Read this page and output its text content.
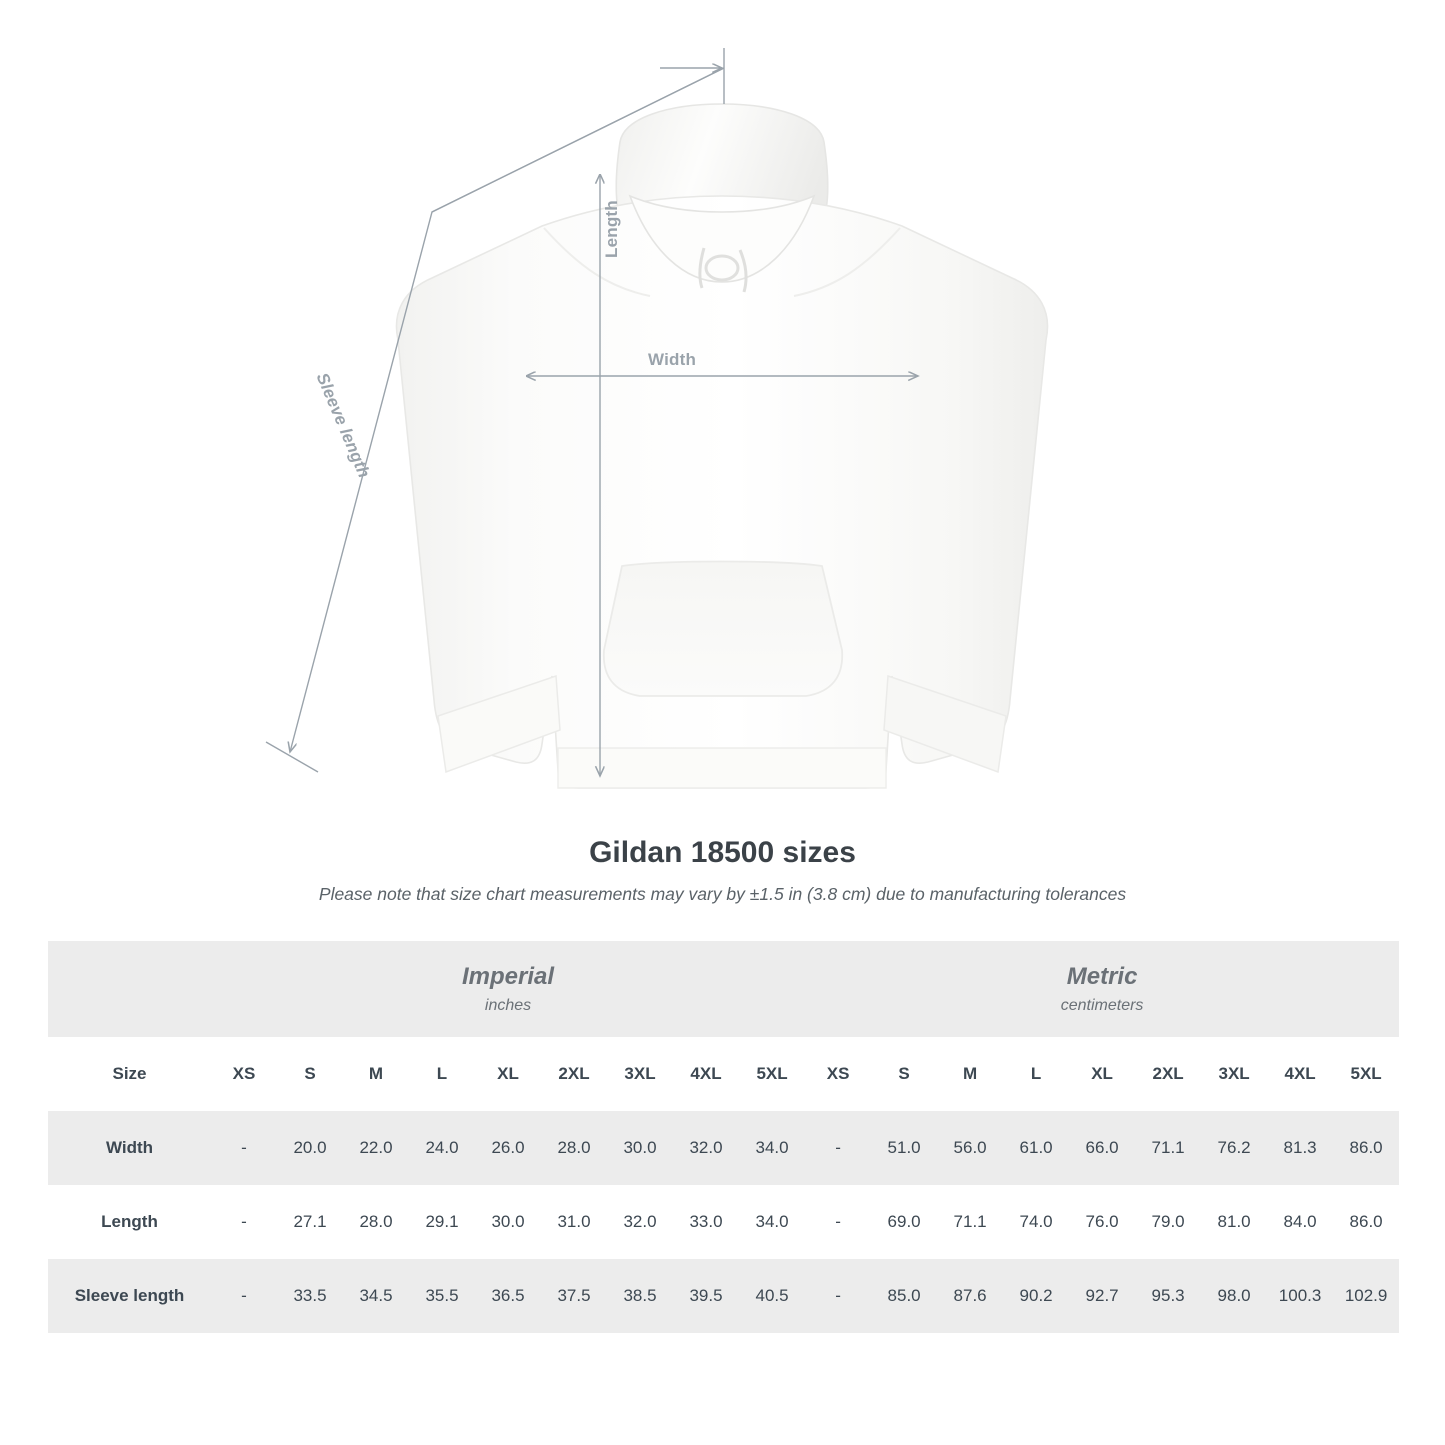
Length
Width
Sleeve length
Gildan 18500 sizes

Please note that size chart measurements may vary by ±1.5 in (3.8 cm) due to manufacturing tolerances

	Imperial
inches									Metric
centimeters								

Size	XS	S	M	L	XL	2XL	3XL	4XL	5XL	XS	S	M	L	XL	2XL	3XL	4XL	5XL
Width	-	20.0	22.0	24.0	26.0	28.0	30.0	32.0	34.0	-	51.0	56.0	61.0	66.0	71.1	76.2	81.3	86.0
Length	-	27.1	28.0	29.1	30.0	31.0	32.0	33.0	34.0	-	69.0	71.1	74.0	76.0	79.0	81.0	84.0	86.0
Sleeve length	-	33.5	34.5	35.5	36.5	37.5	38.5	39.5	40.5	-	85.0	87.6	90.2	92.7	95.3	98.0	100.3	102.9
